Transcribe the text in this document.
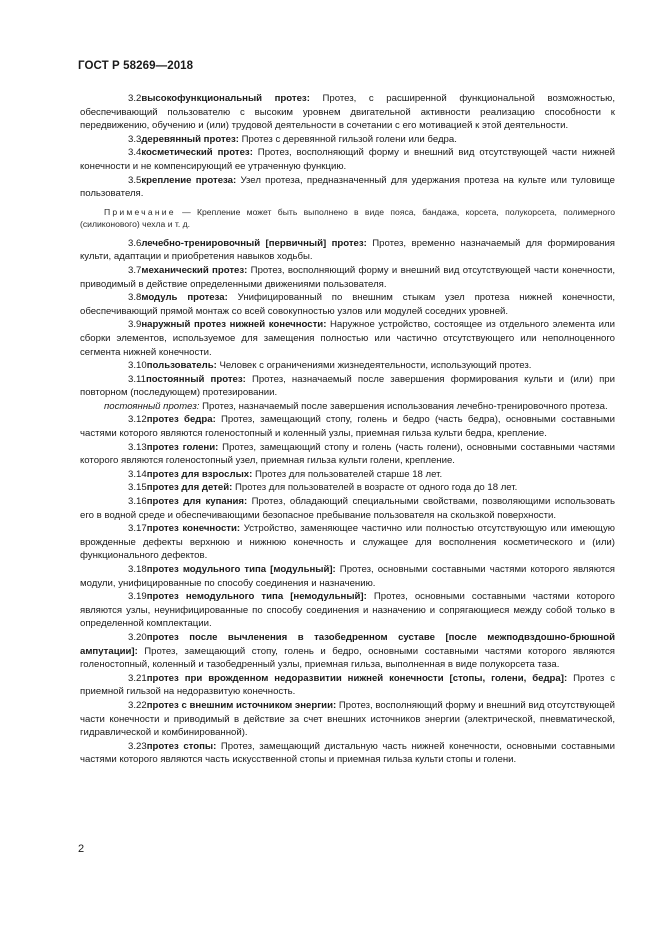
ГОСТ Р 58269—2018

3.2высокофункциональный протез: Протез, с расширенной функциональной возможностью, обеспечивающий пользователю с высоким уровнем двигательной активности реализацию способности к передвижению, обучению и (или) трудовой деятельности в сочетании с его мотивацией к этой деятельности.

3.3деревянный протез: Протез с деревянной гильзой голени или бедра.

3.4косметический протез: Протез, восполняющий форму и внешний вид отсутствующей части нижней конечности и не компенсирующий ее утраченную функцию.

3.5крепление протеза: Узел протеза, предназначенный для удержания протеза на культе или туловище пользователя.

Примечание — Крепление может быть выполнено в виде пояса, бандажа, корсета, полукорсета, полимерного (силиконового) чехла и т. д.

3.6лечебно-тренировочный [первичный] протез: Протез, временно назначаемый для формирования культи, адаптации и приобретения навыков ходьбы.

3.7механический протез: Протез, восполняющий форму и внешний вид отсутствующей части конечности, приводимый в действие определенными движениями пользователя.

3.8модуль протеза: Унифицированный по внешним стыкам узел протеза нижней конечности, обеспечивающий прямой монтаж со всей совокупностью узлов или модулей соседних уровней.

3.9наружный протез нижней конечности: Наружное устройство, состоящее из отдельного элемента или сборки элементов, используемое для замещения полностью или частично отсутствующего или неполноценного сегмента нижней конечности.

3.10пользователь: Человек с ограничениями жизнедеятельности, использующий протез.

3.11постоянный протез: Протез, назначаемый после завершения формирования культи и (или) при повторном (последующем) протезировании.

постоянный протез: Протез, назначаемый после завершения использования лечебно-тренировочного протеза.

3.12протез бедра: Протез, замещающий стопу, голень и бедро (часть бедра), основными составными частями которого являются голеностопный и коленный узлы, приемная гильза культи бедра, крепление.

3.13протез голени: Протез, замещающий стопу и голень (часть голени), основными составными частями которого являются голеностопный узел, приемная гильза культи голени, крепление.

3.14протез для взрослых: Протез для пользователей старше 18 лет.

3.15протез для детей: Протез для пользователей в возрасте от одного года до 18 лет.

3.16протез для купания: Протез, обладающий специальными свойствами, позволяющими использовать его в водной среде и обеспечивающими безопасное пребывание пользователя на скользкой поверхности.

3.17протез конечности: Устройство, заменяющее частично или полностью отсутствующую или имеющую врожденные дефекты верхнюю и нижнюю конечность и служащее для восполнения косметического и (или) функционального дефектов.

3.18протез модульного типа [модульный]: Протез, основными составными частями которого являются модули, унифицированные по способу соединения и назначению.

3.19протез немодульного типа [немодульный]: Протез, основными составными частями которого являются узлы, неунифицированные по способу соединения и назначению и сопрягающиеся между собой только в определенной комплектации.

3.20протез после вычленения в тазобедренном суставе [после межподвздошно-брюшной ампутации]: Протез, замещающий стопу, голень и бедро, основными составными частями которого являются голеностопный, коленный и тазобедренный узлы, приемная гильза, выполненная в виде полукорсета таза.

3.21протез при врожденном недоразвитии нижней конечности [стопы, голени, бедра]: Протез с приемной гильзой на недоразвитую конечность.

3.22протез с внешним источником энергии: Протез, восполняющий форму и внешний вид отсутствующей части конечности и приводимый в действие за счет внешних источников энергии (электрической, пневматической, гидравлической и комбинированной).

3.23протез стопы: Протез, замещающий дистальную часть нижней конечности, основными составными частями которого являются часть искусственной стопы и приемная гильза культи стопы и голени.

2
